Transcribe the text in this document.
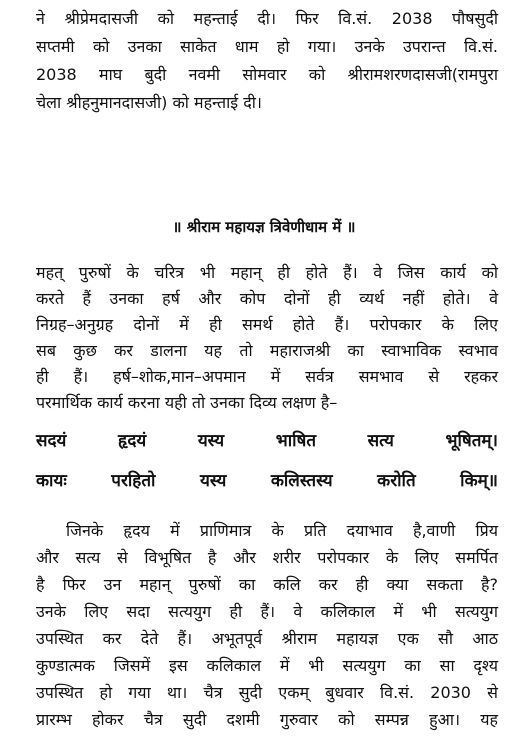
ने श्रीप्रेमदासजी को महन्ताई दी। फिर वि.सं. 2038 पौषसुदी
सप्तमी को उनका साकेत धाम हो गया। उनके उपरान्त वि.सं.
2038 माघ बुदी नवमी सोमवार को श्रीरामशरणदासजी(रामपुरा
चेला श्रीहनुमानदासजी) को महन्ताई दी।
॥ श्रीराम महायज्ञ त्रिवेणीधाम में ॥
महत् पुरुषों के चरित्र भी महान् ही होते हैं। वे जिस कार्य को
करते हैं उनका हर्ष और कोप दोनों ही व्यर्थ नहीं होते। वे
निग्रह–अनुग्रह दोनों में ही समर्थ होते हैं। परोपकार के लिए
सब कुछ कर डालना यह तो महाराजश्री का स्वाभाविक स्वभाव
ही हैं। हर्ष–शोक,मान–अपमान में सर्वत्र समभाव से रहकर
परमार्थिक कार्य करना यही तो उनका दिव्य लक्षण है–
सदयं हृदयं यस्य भाषित सत्य भूषितम्।
कायः परहितो यस्य कलिस्तस्य करोति किम्॥
जिनके हृदय में प्राणिमात्र के प्रति दयाभाव है,वाणी प्रिय
और सत्य से विभूषित है और शरीर परोपकार के लिए समर्पित
है फिर उन महान् पुरुषों का कलि कर ही क्या सकता है?
उनके लिए सदा सत्ययुग ही हैं। वे कलिकाल में भी सत्ययुग
उपस्थित कर देते हैं। अभूतपूर्व श्रीराम महायज्ञ एक सौ आठ
कुण्डात्मक जिसमें इस कलिकाल में भी सत्ययुग का सा दृश्य
उपस्थित हो गया था। चैत्र सुदी एकम् बुधवार वि.सं. 2030 से
प्रारम्भ होकर चैत्र सुदी दशमी गुरुवार को सम्पन्न हुआ। यह
